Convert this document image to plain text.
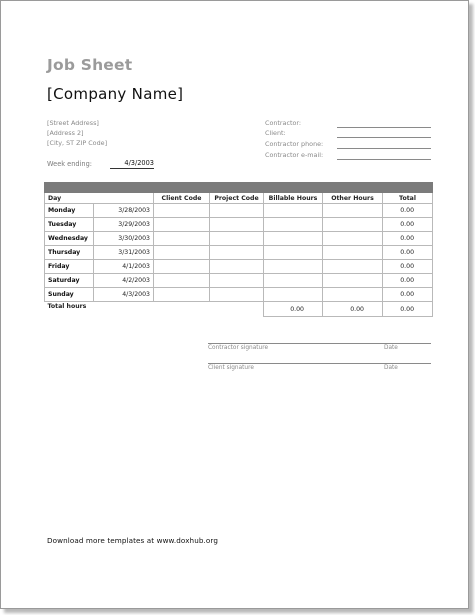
Job Sheet
[Company Name]
[Street Address]
[Address 2]
[City, ST ZIP Code]
Contractor:
Client:
Contractor phone:
Contractor e-mail:
Week ending:	4/3/2003

Day		Client Code	Project Code	Billable Hours	Other Hours	Total
Monday	3/28/2003					0.00
Tuesday	3/29/2003					0.00
Wednesday	3/30/2003					0.00
Thursday	3/31/2003					0.00
Friday	4/1/2003					0.00
Saturday	4/2/2003					0.00
Sunday	4/3/2003					0.00
Total hours				0.00	0.00	0.00
Contractor signature	Date
Client signature	Date
Download more templates at www.doxhub.org
